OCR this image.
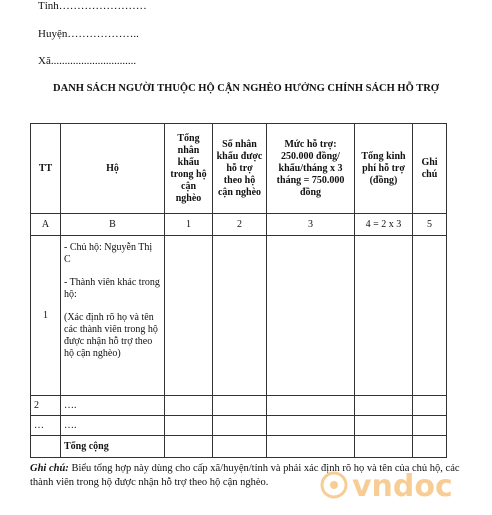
Tỉnh……………………
Huyện………………..
Xã...............................
DANH SÁCH NGƯỜI THUỘC HỘ CẬN NGHÈO HƯỞNG CHÍNH SÁCH HỖ TRỢ
TT	Hộ	Tổng nhân khẩu trong hộ cận nghèo	Số nhân khẩu được hỗ trợ theo hộ cận nghèo	Mức hỗ trợ: 250.000 đồng/ khẩu/tháng x 3 tháng = 750.000 đồng	Tổng kinh phí hỗ trợ (đồng)	Ghi chú
A	B	1	2	3	4 = 2 x 3	5
1	- Chủ hộ: Nguyễn Thị C

- Thành viên khác trong hộ:

(Xác định rõ họ và tên các thành viên trong hộ được nhận hỗ trợ theo hộ cận nghèo)					

2	….					
…	….					
	Tổng cộng					
Ghi chú: Biểu tổng hợp này dùng cho cấp xã/huyện/tỉnh và phải xác định rõ họ và tên của chủ hộ, các thành viên trong hộ được nhận hỗ trợ theo hộ cận nghèo.	vndoc
